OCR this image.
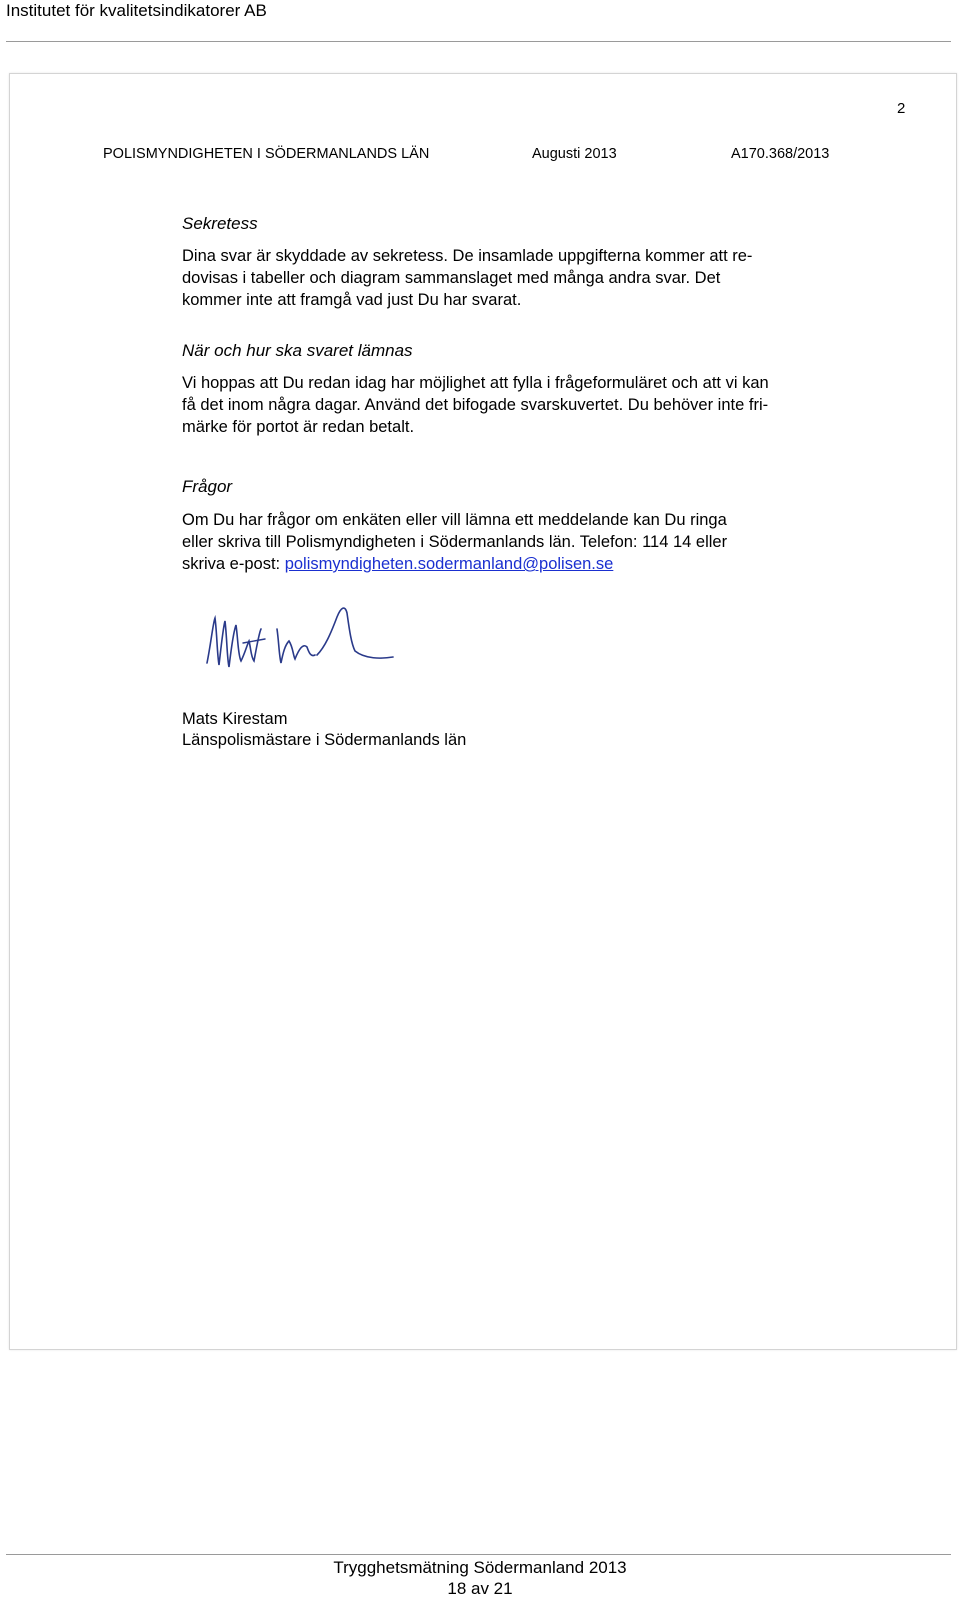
Institutet för kvalitetsindikatorer AB
2
POLISMYNDIGHETEN I SÖDERMANLANDS LÄN	Augusti 2013	A170.368/2013
Sekretess
Dina svar är skyddade av sekretess. De insamlade uppgifterna kommer att re-
dovisas i tabeller och diagram sammanslaget med många andra svar. Det
kommer inte att framgå vad just Du har svarat.
När och hur ska svaret lämnas
Vi hoppas att Du redan idag har möjlighet att fylla i frågeformuläret och att vi kan
få det inom några dagar. Använd det bifogade svarskuvertet. Du behöver inte fri-
märke för portot är redan betalt.
Frågor
Om Du har frågor om enkäten eller vill lämna ett meddelande kan Du ringa
eller skriva till Polismyndigheten i Södermanlands län. Telefon: 114 14 eller
skriva e-post: polismyndigheten.sodermanland@polisen.se
Mats Kirestam
Länspolismästare i Södermanlands län
Trygghetsmätning Södermanland 2013
18 av 21
